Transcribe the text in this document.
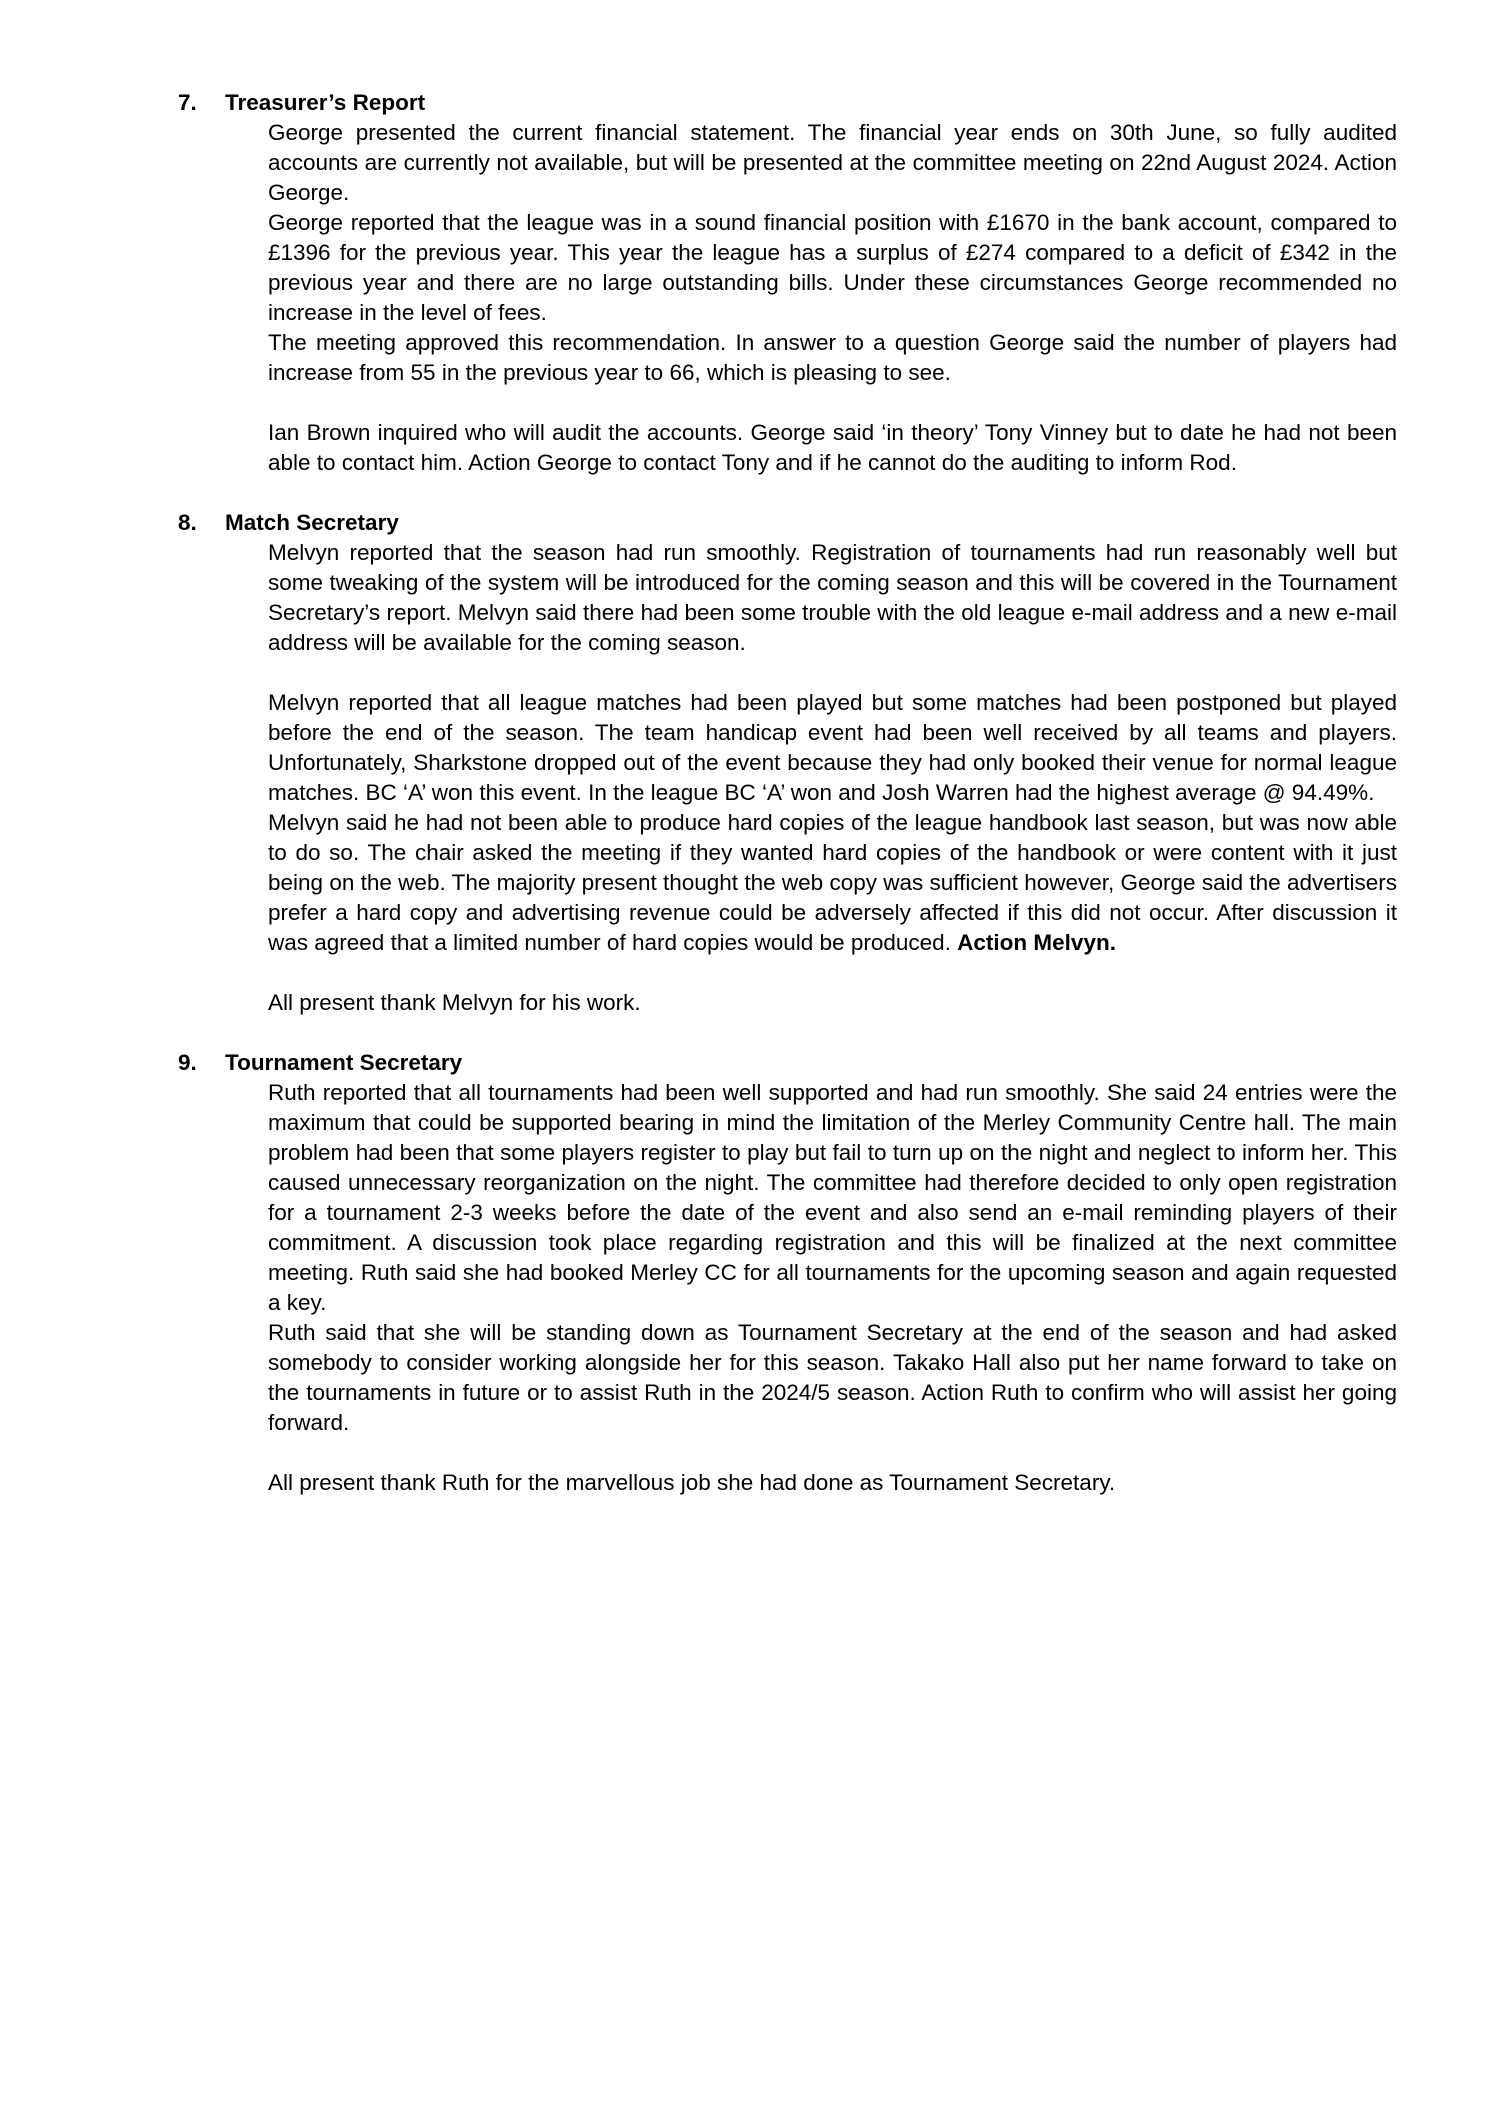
7.	Treasurer’s Report

George presented the current financial statement. The financial year ends on 30th June, so fully audited accounts are currently not available, but will be presented at the committee meeting on 22nd August 2024. Action George.

George reported that the league was in a sound financial position with £1670 in the bank account, compared to £1396 for the previous year. This year the league has a surplus of £274 compared to a deficit of £342 in the previous year and there are no large outstanding bills. Under these circumstances George recommended no increase in the level of fees.

The meeting approved this recommendation. In answer to a question George said the number of players had increase from 55 in the previous year to 66, which is pleasing to see.

Ian Brown inquired who will audit the accounts. George said ‘in theory’ Tony Vinney but to date he had not been able to contact him. Action George to contact Tony and if he cannot do the auditing to inform Rod.

8.	Match Secretary

Melvyn reported that the season had run smoothly. Registration of tournaments had run reasonably well but some tweaking of the system will be introduced for the coming season and this will be covered in the Tournament Secretary’s report. Melvyn said there had been some trouble with the old league e-mail address and a new e-mail address will be available for the coming season.

Melvyn reported that all league matches had been played but some matches had been postponed but played before the end of the season. The team handicap event had been well received by all teams and players. Unfortunately, Sharkstone dropped out of the event because they had only booked their venue for normal league matches. BC ‘A’ won this event. In the league BC ‘A’ won and Josh Warren had the highest average @ 94.49%.

Melvyn said he had not been able to produce hard copies of the league handbook last season, but was now able to do so. The chair asked the meeting if they wanted hard copies of the handbook or were content with it just being on the web. The majority present thought the web copy was sufficient however, George said the advertisers prefer a hard copy and advertising revenue could be adversely affected if this did not occur. After discussion it was agreed that a limited number of hard copies would be produced. Action Melvyn.

All present thank Melvyn for his work.

9.	Tournament Secretary

Ruth reported that all tournaments had been well supported and had run smoothly. She said 24 entries were the maximum that could be supported bearing in mind the limitation of the Merley Community Centre hall. The main problem had been that some players register to play but fail to turn up on the night and neglect to inform her. This caused unnecessary reorganization on the night. The committee had therefore decided to only open registration for a tournament 2-3 weeks before the date of the event and also send an e-mail reminding players of their commitment. A discussion took place regarding registration and this will be finalized at the next committee meeting. Ruth said she had booked Merley CC for all tournaments for the upcoming season and again requested a key.

Ruth said that she will be standing down as Tournament Secretary at the end of the season and had asked somebody to consider working alongside her for this season. Takako Hall also put her name forward to take on the tournaments in future or to assist Ruth in the 2024/5 season. Action Ruth to confirm who will assist her going forward.

All present thank Ruth for the marvellous job she had done as Tournament Secretary.
